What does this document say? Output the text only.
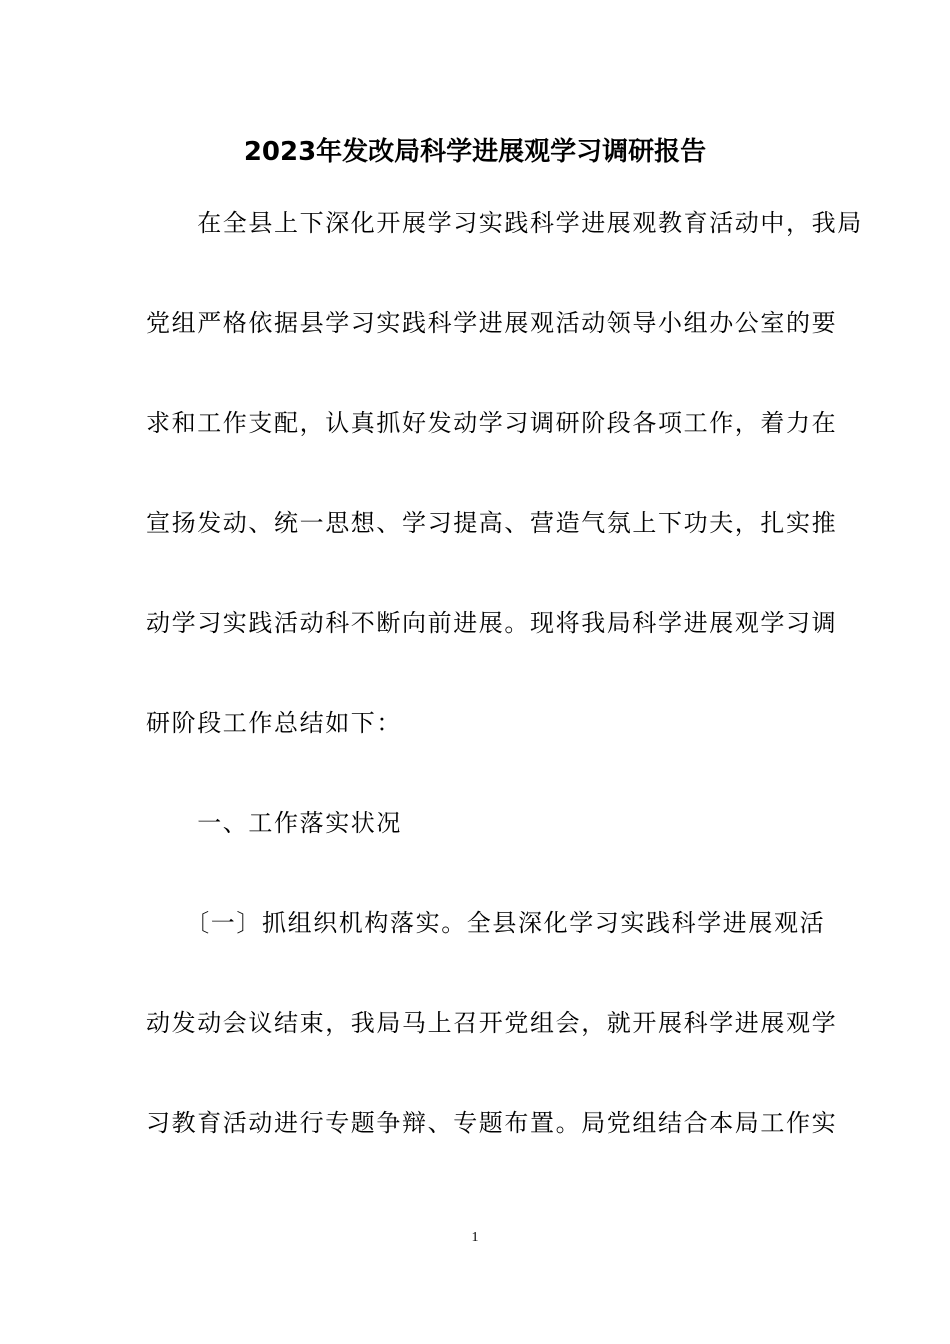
2023年发改局科学进展观学习调研报告
　　在全县上下深化开展学习实践科学进展观教育活动中，我局
党组严格依据县学习实践科学进展观活动领导小组办公室的要
求和工作支配，认真抓好发动学习调研阶段各项工作，着力在
宣扬发动、统一思想、学习提高、营造气氛上下功夫，扎实推
动学习实践活动科不断向前进展。现将我局科学进展观学习调
研阶段工作总结如下：
　　一、工作落实状况
　　〔一〕抓组织机构落实。全县深化学习实践科学进展观活
动发动会议结束，我局马上召开党组会，就开展科学进展观学
习教育活动进行专题争辩、专题布置。局党组结合本局工作实
1
